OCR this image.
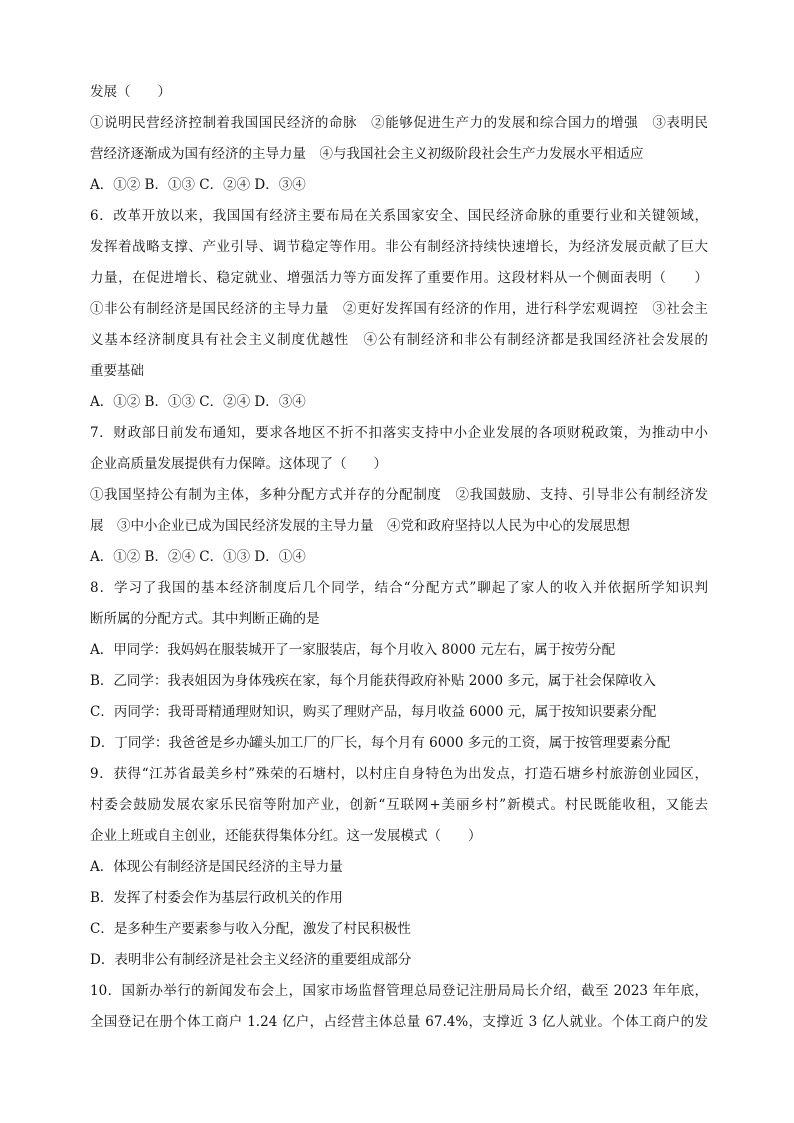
发展（　　）
①说明民营经济控制着我国国民经济的命脉　②能够促进生产力的发展和综合国力的增强　③表明民
营经济逐渐成为国有经济的主导力量　④与我国社会主义初级阶段社会生产力发展水平相适应
A．①② B．①③ C．②④ D．③④
6．改革开放以来，我国国有经济主要布局在关系国家安全、国民经济命脉的重要行业和关键领域，
发挥着战略支撑、产业引导、调节稳定等作用。非公有制经济持续快速增长，为经济发展贡献了巨大
力量，在促进增长、稳定就业、增强活力等方面发挥了重要作用。这段材料从一个侧面表明（　　）
①非公有制经济是国民经济的主导力量　②更好发挥国有经济的作用，进行科学宏观调控　③社会主
义基本经济制度具有社会主义制度优越性　④公有制经济和非公有制经济都是我国经济社会发展的
重要基础
A．①② B．①③ C．②④ D．③④
7．财政部日前发布通知，要求各地区不折不扣落实支持中小企业发展的各项财税政策，为推动中小
企业高质量发展提供有力保障。这体现了（　　）
①我国坚持公有制为主体，多种分配方式并存的分配制度　②我国鼓励、支持、引导非公有制经济发
展　③中小企业已成为国民经济发展的主导力量　④党和政府坚持以人民为中心的发展思想
A．①② B．②④ C．①③ D．①④
8．学习了我国的基本经济制度后几个同学，结合“分配方式”聊起了家人的收入并依据所学知识判
断所属的分配方式。其中判断正确的是
A．甲同学：我妈妈在服装城开了一家服装店，每个月收入 8000 元左右，属于按劳分配
B．乙同学：我表姐因为身体残疾在家，每个月能获得政府补贴 2000 多元，属于社会保障收入
C．丙同学：我哥哥精通理财知识，购买了理财产品，每月收益 6000 元，属于按知识要素分配
D．丁同学：我爸爸是乡办罐头加工厂的厂长，每个月有 6000 多元的工资，属于按管理要素分配
9．获得“江苏省最美乡村”殊荣的石塘村，以村庄自身特色为出发点，打造石塘乡村旅游创业园区，
村委会鼓励发展农家乐民宿等附加产业，创新“互联网+美丽乡村”新模式。村民既能收租，又能去
企业上班或自主创业，还能获得集体分红。这一发展模式（　　）
A．体现公有制经济是国民经济的主导力量
B．发挥了村委会作为基层行政机关的作用
C．是多种生产要素参与收入分配，激发了村民积极性
D．表明非公有制经济是社会主义经济的重要组成部分
10．国新办举行的新闻发布会上，国家市场监督管理总局登记注册局局长介绍，截至 2023 年年底，
全国登记在册个体工商户 1.24 亿户，占经营主体总量 67.4%，支撑近 3 亿人就业。个体工商户的发
